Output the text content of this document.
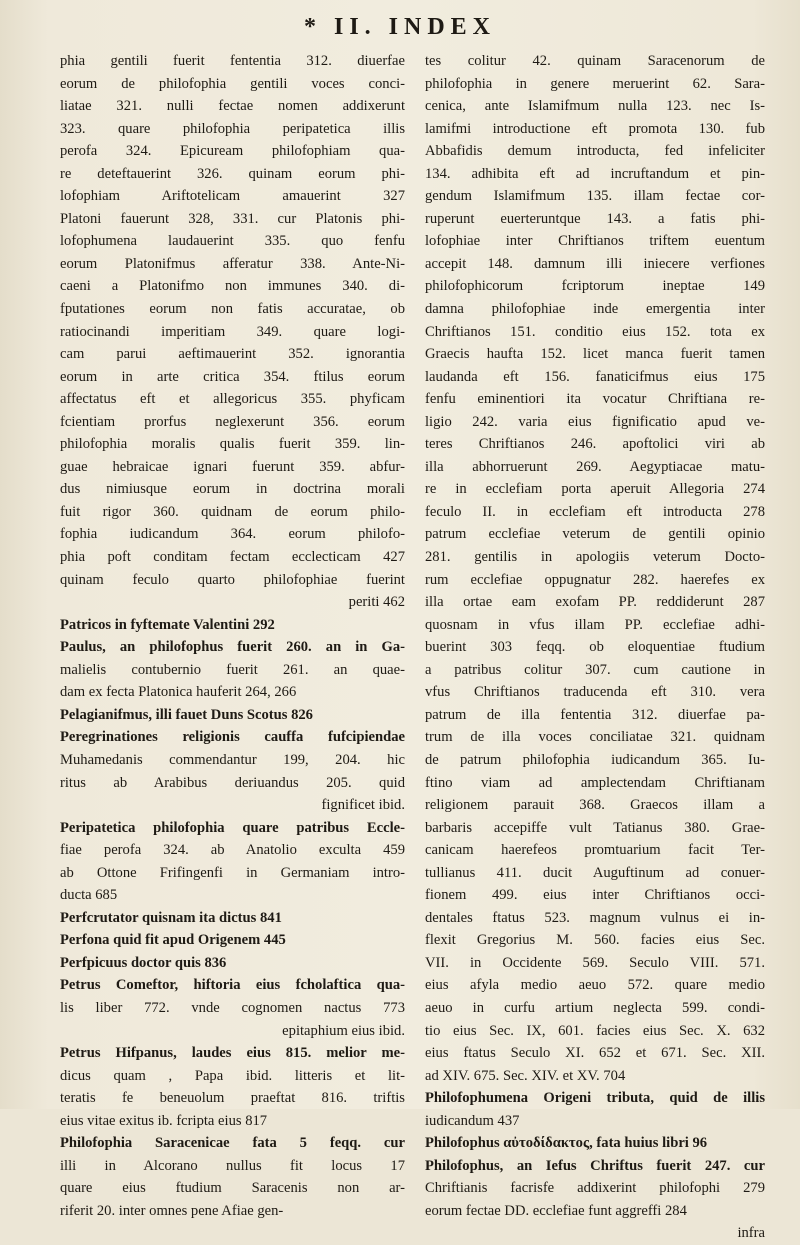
* II. INDEX
phia gentili fuerit fententia 312. diuerfae
eorum de philofophia gentili voces conci-
liatae 321. nulli fectae nomen addixerunt
323. quare philofophia peripatetica illis
perofa 324. Epicuream philofophiam qua-
re deteftauerint 326. quinam eorum phi-
lofophiam Ariftotelicam amauerint 327
Platoni fauerunt 328, 331. cur Platonis phi-
lofophumena laudauerint 335. quo fenfu
eorum Platonifmus afferatur 338. Ante-Ni-
caeni a Platonifmo non immunes 340. di-
fputationes eorum non fatis accuratae, ob
ratiocinandi imperitiam 349. quare logi-
cam parui aeftimauerint 352. ignorantia
eorum in arte critica 354. ftilus eorum
affectatus eft et allegoricus 355. phyficam
fcientiam prorfus neglexerunt 356. eorum
philofophia moralis qualis fuerit 359. lin-
guae hebraicae ignari fuerunt 359. abfur-
dus nimiusque eorum in doctrina morali
fuit rigor 360. quidnam de eorum philo-
fophia iudicandum 364. eorum philofo-
phia poft conditam fectam ecclecticam 427
quinam feculo quarto philofophiae fuerint
periti 462
Patricos in fyftemate Valentini 292
Paulus, an philofophus fuerit 260. an in Ga-
malielis contubernio fuerit 261. an quae-
dam ex fecta Platonica hauferit 264, 266
Pelagianifmus, illi fauet Duns Scotus 826
Peregrinationes religionis cauffa fufcipiendae
Muhamedanis commendantur 199, 204. hic
ritus ab Arabibus deriuandus 205. quid
fignificet ibid.
Peripatetica philofophia quare patribus Eccle-
fiae perofa 324. ab Anatolio exculta 459
ab Ottone Frifingenfi in Germaniam intro-
ducta 685
Perfcrutator quisnam ita dictus 841
Perfona quid fit apud Origenem 445
Perfpicuus doctor quis 836
Petrus Comeftor, hiftoria eius fcholaftica qua-
lis liber 772. vnde cognomen nactus 773
epitaphium eius ibid.
Petrus Hifpanus, laudes eius 815. melior me-
dicus quam , Papa ibid. litteris et lit-
teratis fe beneuolum praeftat 816. triftis
eius vitae exitus ib. fcripta eius 817
Philofophia Saracenicae fata 5 feqq. cur
illi in Alcorano nullus fit locus 17
quare eius ftudium Saracenis non ar-
riferit 20. inter omnes pene Afiae gen-
tes colitur 42. quinam Saracenorum de
philofophia in genere meruerint 62. Sara-
cenica, ante Islamifmum nulla 123. nec Is-
lamifmi introductione eft promota 130. fub
Abbafidis demum introducta, fed infeliciter
134. adhibita eft ad incruftandum et pin-
gendum Islamifmum 135. illam fectae cor-
ruperunt euerteruntque 143. a fatis phi-
lofophiae inter Chriftianos triftem euentum
accepit 148. damnum illi iniecere verfiones
philofophicorum fcriptorum ineptae 149
damna philofophiae inde emergentia inter
Chriftianos 151. conditio eius 152. tota ex
Graecis haufta 152. licet manca fuerit tamen
laudanda eft 156. fanaticifmus eius 175
fenfu eminentiori ita vocatur Chriftiana re-
ligio 242. varia eius fignificatio apud ve-
teres Chriftianos 246. apoftolici viri ab
illa abhorruerunt 269. Aegyptiacae matu-
re in ecclefiam porta aperuit Allegoria 274
feculo II. in ecclefiam eft introducta 278
patrum ecclefiae veterum de gentili opinio
281. gentilis in apologiis veterum Docto-
rum ecclefiae oppugnatur 282. haerefes ex
illa ortae eam exofam PP. reddiderunt 287
quosnam in vfus illam PP. ecclefiae adhi-
buerint 303 feqq. ob eloquentiae ftudium
a patribus colitur 307. cum cautione in
vfus Chriftianos traducenda eft 310. vera
patrum de illa fententia 312. diuerfae pa-
trum de illa voces conciliatae 321. quidnam
de patrum philofophia iudicandum 365. Iu-
ftino viam ad amplectendam Chriftianam
religionem parauit 368. Graecos illam a
barbaris accepiffe vult Tatianus 380. Grae-
canicam haerefeos promtuarium facit Ter-
tullianus 411. ducit Auguftinum ad conuer-
fionem 499. eius inter Chriftianos occi-
dentales ftatus 523. magnum vulnus ei in-
flexit Gregorius M. 560. facies eius Sec.
VII. in Occidente 569. Seculo VIII. 571.
eius afyla medio aeuo 572. quare medio
aeuo in curfu artium neglecta 599. condi-
tio eius Sec. IX, 601. facies eius Sec. X. 632
eius ftatus Seculo XI. 652 et 671. Sec. XII.
ad XIV. 675. Sec. XIV. et XV. 704
Philofophumena Origeni tributa, quid de illis
iudicandum 437
Philofophus αὐτοδίδακτος, fata huius libri 96
Philofophus, an Iefus Chriftus fuerit 247. cur
Chriftianis facrisfe addixerint philofophi 279
eorum fectae DD. ecclefiae funt aggreffi 284
infra
